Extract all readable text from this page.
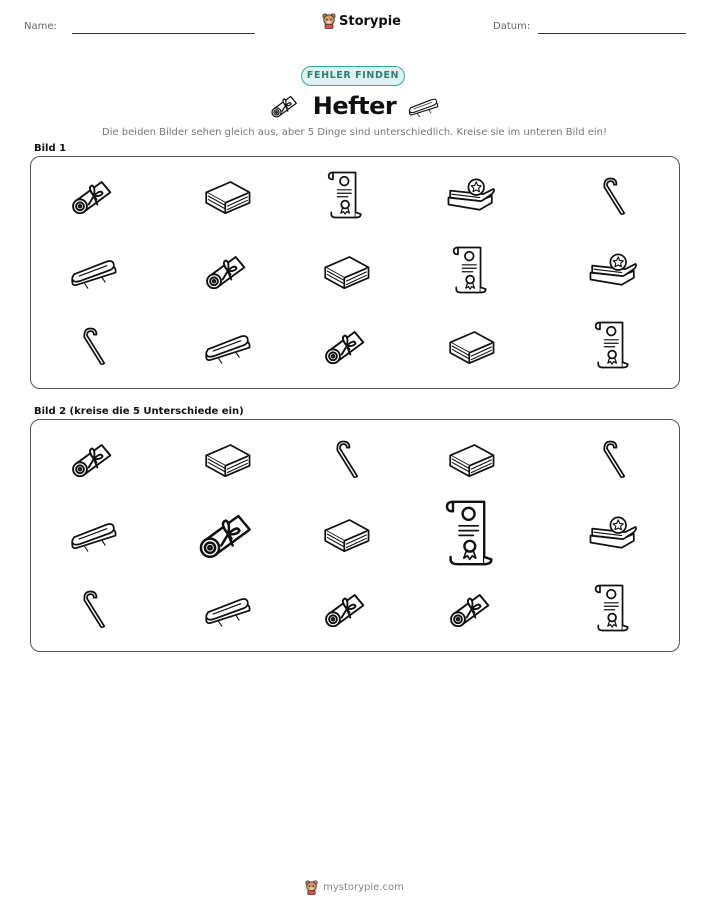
Name:	Storypie	Datum:
FEHLER FINDEN
Hefter
Die beiden Bilder sehen gleich aus, aber 5 Dinge sind unterschiedlich. Kreise sie im unteren Bild ein!
Bild 1
Bild 2 (kreise die 5 Unterschiede ein)
mystorypie.com
